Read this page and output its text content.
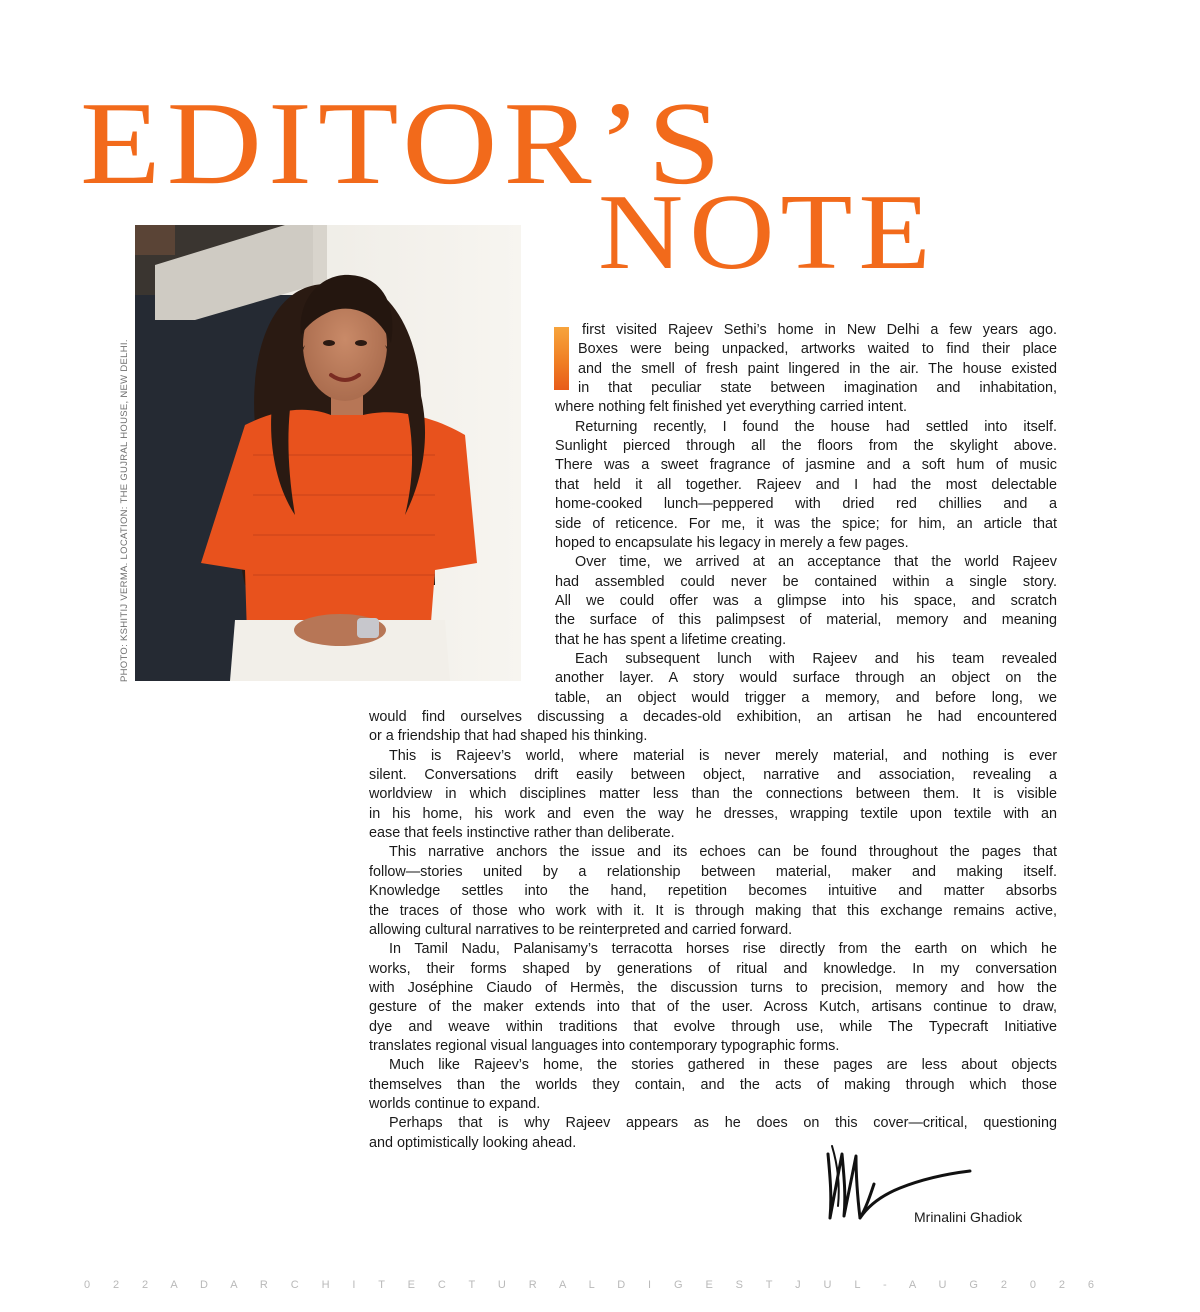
EDITOR’S
NOTE
PHOTO: KSHITIJ VERMA. LOCATION: THE GUJRAL HOUSE, NEW DELHI.
first visited Rajeev Sethi’s home in New Delhi a few years ago.
Boxes were being unpacked, artworks waited to find their place
and the smell of fresh paint lingered in the air. The house existed
in that peculiar state between imagination and inhabitation,
where nothing felt finished yet everything carried intent.
Returning recently, I found the house had settled into itself.
Sunlight pierced through all the floors from the skylight above.
There was a sweet fragrance of jasmine and a soft hum of music
that held it all together. Rajeev and I had the most delectable
home-cooked lunch—peppered with dried red chillies and a
side of reticence. For me, it was the spice; for him, an article that
hoped to encapsulate his legacy in merely a few pages.
Over time, we arrived at an acceptance that the world Rajeev
had assembled could never be contained within a single story.
All we could offer was a glimpse into his space, and scratch
the surface of this palimpsest of material, memory and meaning
that he has spent a lifetime creating.
Each subsequent lunch with Rajeev and his team revealed
another layer. A story would surface through an object on the
table, an object would trigger a memory, and before long, we
would find ourselves discussing a decades-old exhibition, an artisan he had encountered
or a friendship that had shaped his thinking.
This is Rajeev’s world, where material is never merely material, and nothing is ever
silent. Conversations drift easily between object, narrative and association, revealing a
worldview in which disciplines matter less than the connections between them. It is visible
in his home, his work and even the way he dresses, wrapping textile upon textile with an
ease that feels instinctive rather than deliberate.
This narrative anchors the issue and its echoes can be found throughout the pages that
follow—stories united by a relationship between material, maker and making itself.
Knowledge settles into the hand, repetition becomes intuitive and matter absorbs
the traces of those who work with it. It is through making that this exchange remains active,
allowing cultural narratives to be reinterpreted and carried forward.
In Tamil Nadu, Palanisamy’s terracotta horses rise directly from the earth on which he
works, their forms shaped by generations of ritual and knowledge. In my conversation
with Joséphine Ciaudo of Hermès, the discussion turns to precision, memory and how the
gesture of the maker extends into that of the user. Across Kutch, artisans continue to draw,
dye and weave within traditions that evolve through use, while The Typecraft Initiative
translates regional visual languages into contemporary typographic forms.
Much like Rajeev’s home, the stories gathered in these pages are less about objects
themselves than the worlds they contain, and the acts of making through which those
worlds continue to expand.
Perhaps that is why Rajeev appears as he does on this cover—critical, questioning
and optimistically looking ahead.
Mrinalini Ghadiok
0 2 2 A D A R C H I T E C T U R A L D I G E S T J U L - A U G 2 0 2 6
